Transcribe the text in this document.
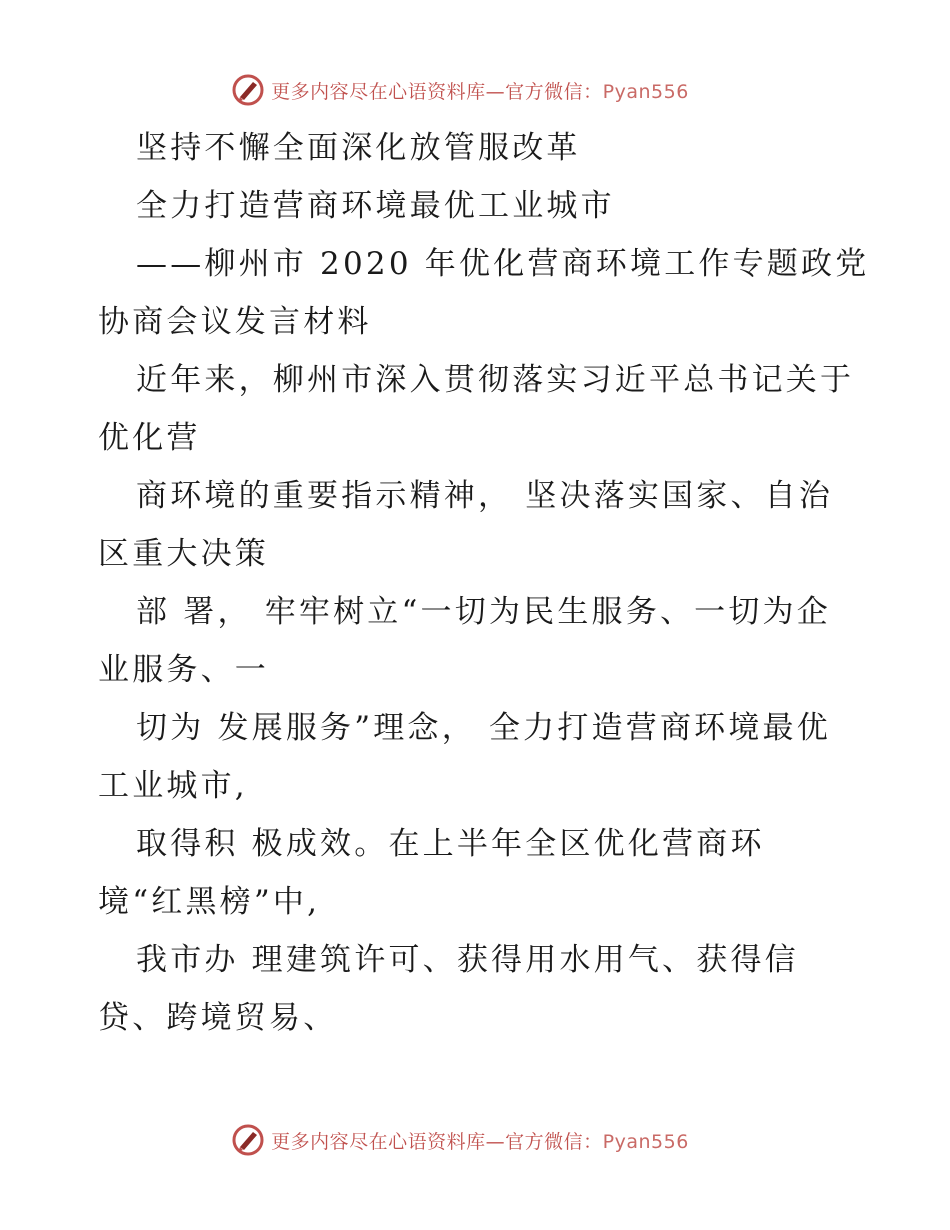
更多内容尽在心语资料库—官方微信：Pyan556
坚持不懈全面深化放管服改革
全力打造营商环境最优工业城市
——柳州市 2020 年优化营商环境工作专题政党
协商会议发言材料
近年来，柳州市深入贯彻落实习近平总书记关于
优化营
商环境的重要指示精神， 坚决落实国家、自治
区重大决策
部 署， 牢牢树立“一切为民生服务、一切为企
业服务、一
切为 发展服务”理念， 全力打造营商环境最优
工业城市,
取得积 极成效。在上半年全区优化营商环
境“红黑榜”中,
我市办 理建筑许可、获得用水用气、获得信
贷、跨境贸易、
更多内容尽在心语资料库—官方微信：Pyan556
